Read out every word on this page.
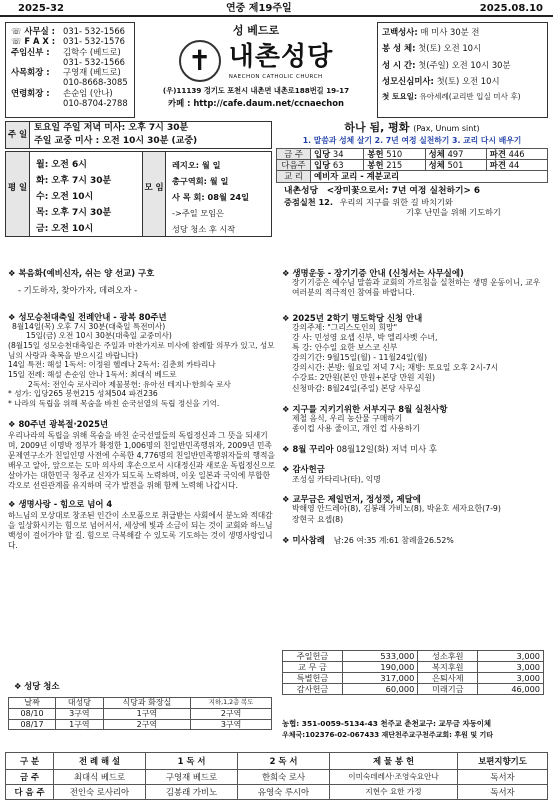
2025-32	연중 제19주일	2025.08.10
☏ 사무실 :	031- 532-1566
☏ F A X :	031- 532-1576
주임신부 :	김학수 (베드로)
	031- 532-1566
사목회장 :	구영재 (베드로)
	010-8668-3085
연령회장 :	손순임 (안나)
	010-8704-2788
성 베드로
✝ 내촌성당
NAECHON CATHOLIC CHURCH
(우)11139 경기도 포천시 내촌면 내촌로188번길 19-17
카페 : http://cafe.daum.net/ccnaechon
고백성사: 매 미사 30분 전
봉 성 체: 첫(토) 오전 10시
성 시 간: 첫(주일) 오전 10시 30분
성모신심미사: 첫(토) 오전 10시
첫 토요일: 유아세례(교리반 입실 미사 후)
주 일
토요일 주일 저녁 미사: 오후 7시 30분
주일 교중 미사 : 오전 10시 30분 (교중)
평 일
월: 오전 6시
화: 오후 7시 30분
수: 오전 10시
목: 오후 7시 30분
금: 오전 10시
모 임
레지오: 월 일
총구역회: 월 일
사 목 회: 08월 24일
->주일 모임은
성당 청소 후 시작
하나 됨, 평화 (Pax, Unum sint)
1. 말씀과 성체 살기 2. 7년 여정 실천하기 3. 교리 다시 배우기
금 주	입당 34	봉헌 510	성체 497	파견 446
다음주	입당 63	봉헌 215	성체 501	파견 44
교 리	예비자 교리 - 계분교리			
내촌성당 <장미꽃으로서: 7년 여정 실천하기> 6
중점실천 12. 우리의 지구를 위한 길 바치기와
기후 난민을 위해 기도하기
❖ 복음화(예비신자, 쉬는 양 선교) 구호
- 기도하자, 찾아가자, 데려오자 -
❖ 성모승천대축일 전례안내 - 광복 80주년
8월14일(목) 오후 7시 30분(대축일 특전미사)
15일(금) 오전 10시 30분(대축일 교중미사)
(8월15일 성모승천대축일은 주일과 마찬가지로 미사에 참례할 의무가 있고, 성모님의 사랑과 축복을 받으시길 바랍니다)
14일 특전: 해설 1독서: 이정원 헬레나 2독서: 김춘희 카타리나
15일 전례: 해설 손순임 안나 1독서: 최대식 베드로
2독서: 전인숙 로사리아 제물봉헌: 유아선 테지나·한희숙 로사
* 성가: 입당265 봉헌215 성체504 파견236
* 나라의 독립을 위해 목숨을 바친 순국선열의 독립 정신을 기억.
❖ 80주년 광복절·2025년
우리나라의 독립을 위해 목숨을 바친 순국선열들의 독립정신과 그 뜻을 되새기며, 2009년 이명박 정부가 확정한 1,006명의 친일반민족행위자, 2009년 민족문제연구소가 친일인명 사전에 수록한 4,776명의 친일반민족행위자들의 행적을 배우고 알아, 앞으로는 도마 의사의 후손으로서 시대정신과 새로운 독립정신으로 살아가는 대한민국 청주교 신자가 되도록 노력하며, 이웃 일본과 국익에 부합한 각오로 선린관계를 유지하며 국가 발전을 위해 함께 노력해 나갑시다.
❖ 생명사랑 - 힘으로 넘어 4
하느님의 모상대로 창조된 인간이 소모품으로 취급받는 사회에서 분노와 적대감을 일상화시키는 힘으로 넘어서서, 세상에 빛과 소금이 되는 것이 교회와 하느님 백성이 걸어가야 할 길. 힘으로 극복해갈 수 있도록 기도하는 것이 생명사랑입니다.
❖ 성당 청소
날짜	대성당	식당과 화장실	지하,1,2층 복도
08/10	3구역	1구역	2구역
08/17	1구역	2구역	3구역
❖ 생명운동 - 장기기증 안내 (신청서는 사무실에)
장기기증은 예수님 말씀과 교회의 가르침을 실천하는 생명 운동이니, 교우 여러분의 적극적인 참여를 바랍니다.
❖ 2025년 2학기 명도학당 신청 안내
강의주제: "그리스도인의 희망"
강 사: 민성영 요셉 신부, 박 엘리사벳 수녀,
특 강: 안수일 요한 보스코 신부
강의기간: 9월15일(월) - 11월24일(월)
강의시간: 본방: 월요일 저녁 7시; 재방: 토요일 오후 2시-7시
수강료: 2만원(본인 만원+본당 만원 지원)
신청마감: 8월24일(주일) 본당 사무실
❖ 지구를 지키기위한 서부지구 8월 실천사항
제철 음식, 우리 농산물 구매하기
종이컵 사용 줄이고, 개인 컵 사용하기
❖ 8월 꾸리아 08월12일(화) 저녁 미사 후
❖ 감사헌금
조성심 카타리나(타), 익명
❖ 교무금은 제일먼저, 정성껏, 제달에
박해영 안드레아(8), 김봉래 가비노(8), 박윤호 세자요한(7-9)
장현국 요셉(8)
❖ 미사참례 남:26 여:35 계:61 참례율26.52%
주일헌금	533,000	성소후원	3,000
교 무 금	190,000	복지후원	3,000
특별헌금	317,000	은퇴사제	3,000
감사헌금	60,000	미래기금	46,000
농협: 351-0059-5134-43 천주교 춘천교구: 교무금 자동이체
우체국:102376-02-067433 재단천주교구천주교회: 후원 및 기타
구 분	전 례 해 설	1 독 서	2 독 서	제 물 봉 헌	보편지향기도
금 주	최대식 베드로	구영재 베드로	한희숙 로사	이미숙데레사·조영숙요안나	독서자
다 음 주	전인숙 로사리아	김봉래 가비노	유영숙 루시아	지현수 요한 가정	독서자
